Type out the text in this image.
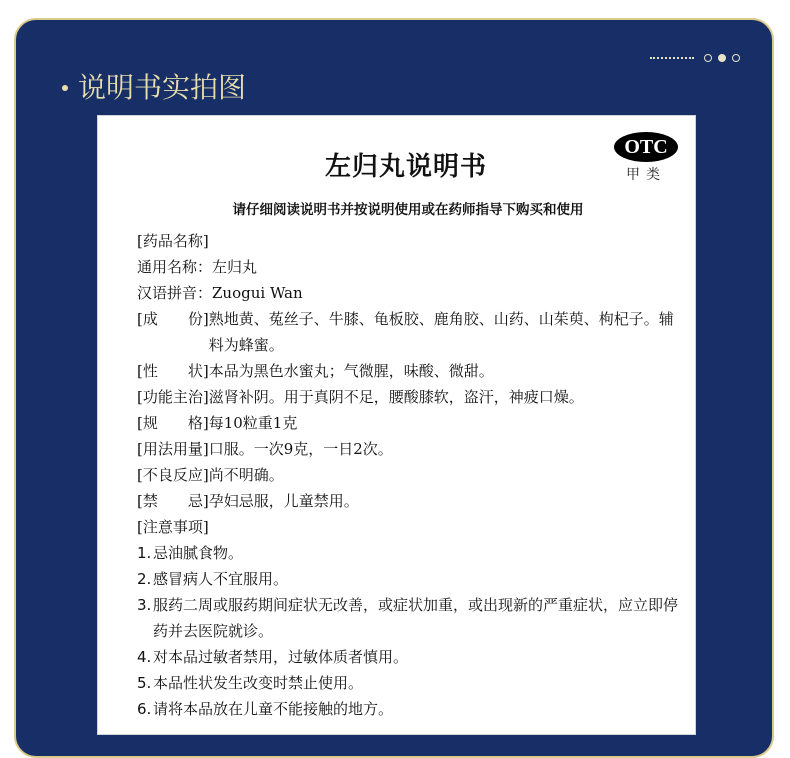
说明书实拍图
OTC
甲类
左归丸说明书
请仔细阅读说明书并按说明使用或在药师指导下购买和使用
[药品名称]
通用名称：左归丸
汉语拼音：Zuogui Wan
[ 成 份 ] 熟地黄、菟丝子、牛膝、龟板胶、鹿角胶、山药、山茱萸、枸杞子。辅料为蜂蜜。
[ 性 状 ] 本品为黑色水蜜丸；气微腥，味酸、微甜。
[ 功能主治 ] 滋肾补阴。用于真阴不足，腰酸膝软，盗汗，神疲口燥。
[ 规 格 ] 每10粒重1克
[ 用法用量 ] 口服。一次9克，一日2次。
[ 不良反应 ] 尚不明确。
[ 禁 忌 ] 孕妇忌服，儿童禁用。
[注意事项]
1. 忌油腻食物。
2. 感冒病人不宜服用。
3. 服药二周或服药期间症状无改善，或症状加重，或出现新的严重症状，应立即停药并去医院就诊。
4. 对本品过敏者禁用，过敏体质者慎用。
5. 本品性状发生改变时禁止使用。
6. 请将本品放在儿童不能接触的地方。
